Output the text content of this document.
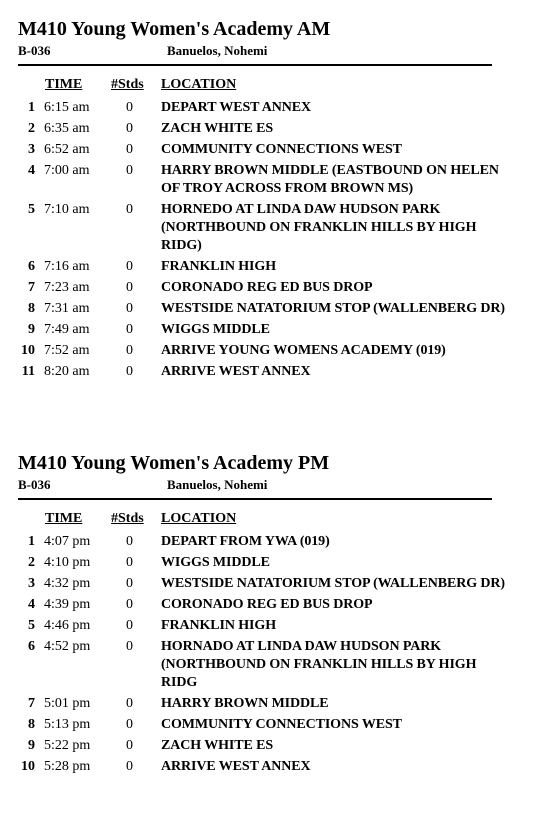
M410 Young Women's Academy AM
B-036	Banuelos, Nohemi
TIME #Stds LOCATION
1 6:15 am	0 DEPART WEST ANNEX
2 6:35 am	0 ZACH WHITE ES
3 6:52 am	0 COMMUNITY CONNECTIONS WEST
4 7:00 am	0 HARRY BROWN MIDDLE (EASTBOUND ON HELEN OF TROY ACROSS FROM BROWN MS)
5 7:10 am	0 HORNEDO AT LINDA DAW HUDSON PARK (NORTHBOUND ON FRANKLIN HILLS BY HIGH RIDG)
6 7:16 am	0 FRANKLIN HIGH
7 7:23 am	0 CORONADO REG ED BUS DROP
8 7:31 am	0 WESTSIDE NATATORIUM STOP (WALLENBERG DR)
9 7:49 am	0 WIGGS MIDDLE
10 7:52 am	0 ARRIVE YOUNG WOMENS ACADEMY (019)
11 8:20 am	0 ARRIVE WEST ANNEX
M410 Young Women's Academy PM
B-036	Banuelos, Nohemi
TIME #Stds LOCATION
1 4:07 pm	0 DEPART FROM YWA (019)
2 4:10 pm	0 WIGGS MIDDLE
3 4:32 pm	0 WESTSIDE NATATORIUM STOP (WALLENBERG DR)
4 4:39 pm	0 CORONADO REG ED BUS DROP
5 4:46 pm	0 FRANKLIN HIGH
6 4:52 pm	0 HORNADO AT LINDA DAW HUDSON PARK (NORTHBOUND ON FRANKLIN HILLS BY HIGH RIDG
7 5:01 pm	0 HARRY BROWN MIDDLE
8 5:13 pm	0 COMMUNITY CONNECTIONS WEST
9 5:22 pm	0 ZACH WHITE ES
10 5:28 pm	0 ARRIVE WEST ANNEX
